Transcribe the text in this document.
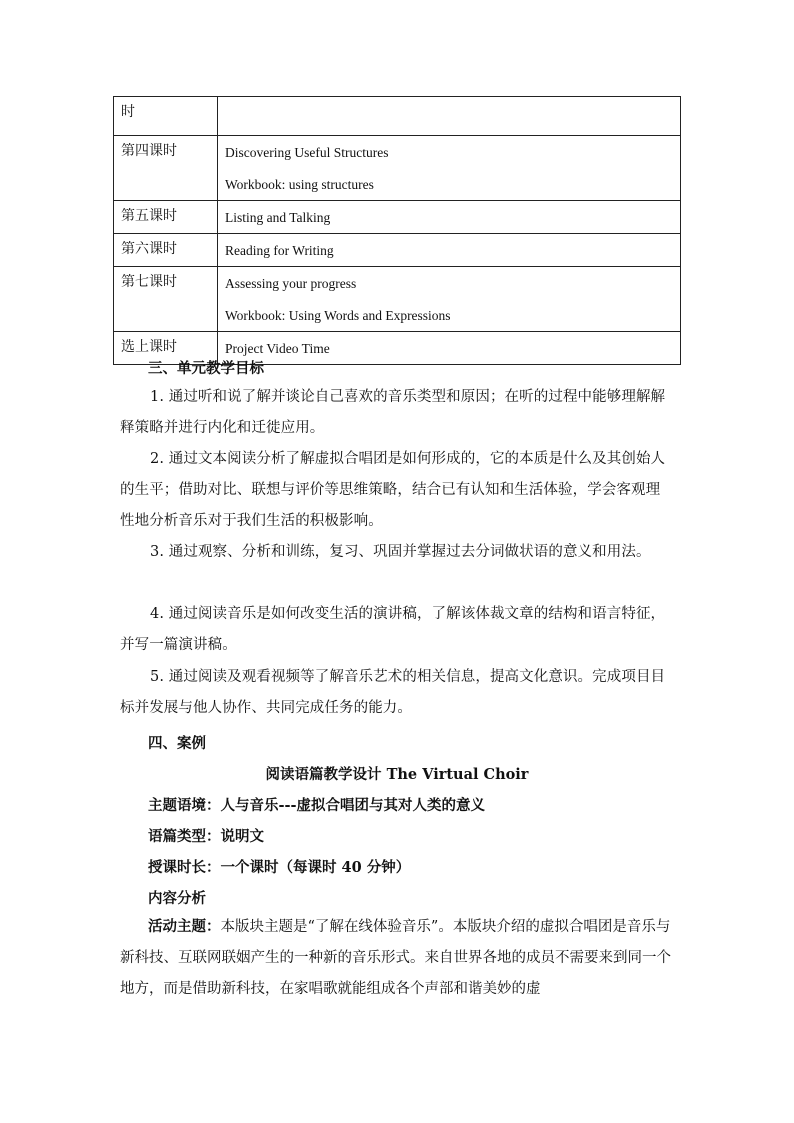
时	
第四课时	Discovering Useful Structures
Workbook: using structures

第五课时	Listing and Talking

第六课时	Reading for Writing

第七课时	Assessing your progress
Workbook: Using Words and Expressions

选上课时	Project Video Time
三、单元教学目标
1. 通过听和说了解并谈论自己喜欢的音乐类型和原因；在听的过程中能够理解解释策略并进行内化和迁徙应用。
2. 通过文本阅读分析了解虚拟合唱团是如何形成的，它的本质是什么及其创始人的生平；借助对比、联想与评价等思维策略，结合已有认知和生活体验，学会客观理性地分析音乐对于我们生活的积极影响。
3. 通过观察、分析和训练，复习、巩固并掌握过去分词做状语的意义和用法。
4. 通过阅读音乐是如何改变生活的演讲稿，了解该体裁文章的结构和语言特征，并写一篇演讲稿。
5. 通过阅读及观看视频等了解音乐艺术的相关信息，提高文化意识。完成项目目标并发展与他人协作、共同完成任务的能力。
四、案例
阅读语篇教学设计 The Virtual Choir
主题语境：人与音乐---虚拟合唱团与其对人类的意义
语篇类型：说明文
授课时长：一个课时（每课时 40 分钟）
内容分析
活动主题：本版块主题是“了解在线体验音乐”。本版块介绍的虚拟合唱团是音乐与新科技、互联网联姻产生的一种新的音乐形式。来自世界各地的成员不需要来到同一个地方，而是借助新科技，在家唱歌就能组成各个声部和谐美妙的虚
